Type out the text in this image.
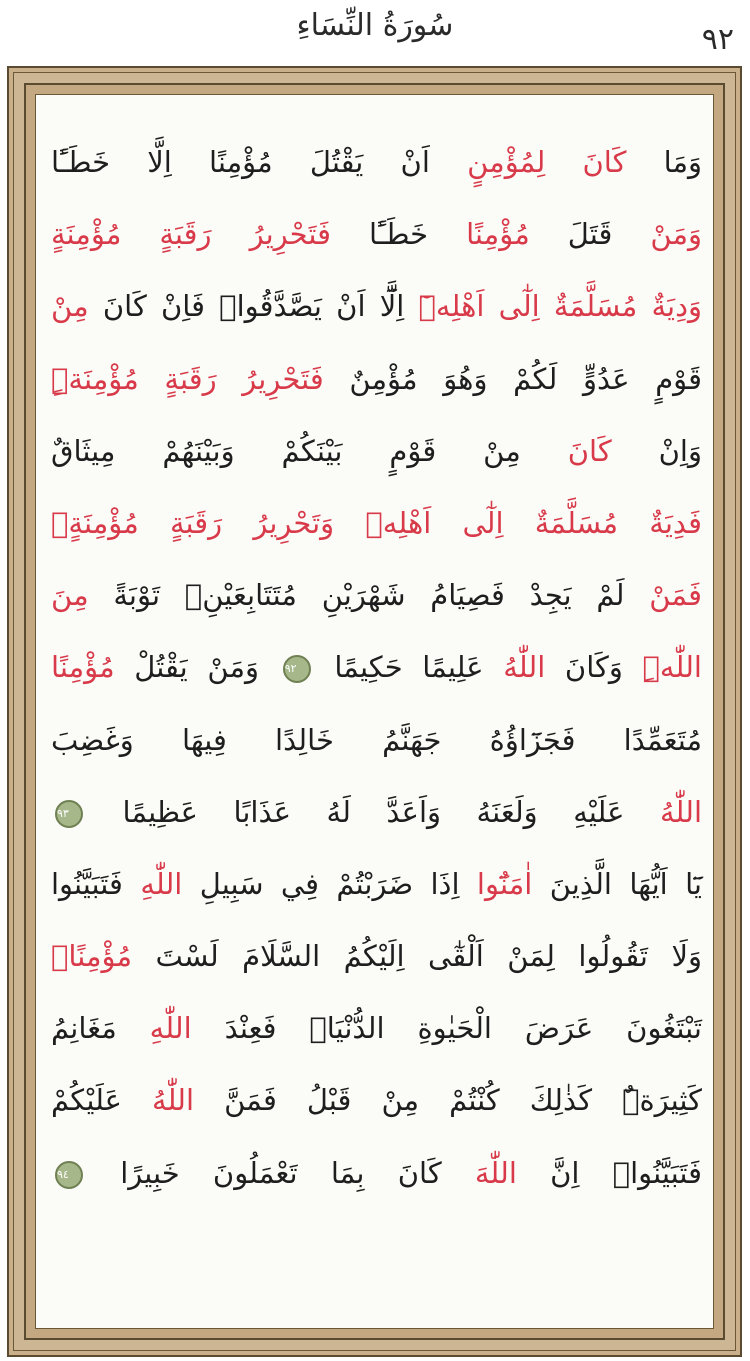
سُورَةُ النِّسَاءِ	٩٢
وَمَا كَانَ لِمُؤْمِنٍ اَنْ يَقْتُلَ مُؤْمِنًا اِلَّا خَطَـًٔا
وَمَنْ قَتَلَ مُؤْمِنًا خَطَـًٔا فَتَحْرِيرُ رَقَبَةٍ مُؤْمِنَةٍ
وَدِيَةٌ مُسَلَّمَةٌ اِلٰٓى اَهْلِهٖٓ اِلَّٓا اَنْ يَصَّدَّقُواۜ فَاِنْ كَانَ مِنْ
قَوْمٍ عَدُوٍّ لَكُمْ وَهُوَ مُؤْمِنٌ فَتَحْرِيرُ رَقَبَةٍ مُؤْمِنَةٍۜ
وَاِنْ كَانَ مِنْ قَوْمٍ بَيْنَكُمْ وَبَيْنَهُمْ مِيثَاقٌ
فَدِيَةٌ مُسَلَّمَةٌ اِلٰٓى اَهْلِهٖ وَتَحْرِيرُ رَقَبَةٍ مُؤْمِنَةٍۚ
فَمَنْ لَمْ يَجِدْ فَصِيَامُ شَهْرَيْنِ مُتَتَابِعَيْنِۘ تَوْبَةً مِنَ
اللّٰهِۜ وَكَانَ اللّٰهُ عَلِيمًا حَكِيمًا ٩٢ وَمَنْ يَقْتُلْ مُؤْمِنًا
مُتَعَمِّدًا فَجَزَٓاؤُهُ جَهَنَّمُ خَالِدًا فِيهَا وَغَضِبَ
اللّٰهُ عَلَيْهِ وَلَعَنَهُ وَاَعَدَّ لَهُ عَذَابًا عَظِيمًا ٩٣
يَٓا اَيُّهَا الَّذِينَ اٰمَنُٓوا اِذَا ضَرَبْتُمْ فِي سَبِيلِ اللّٰهِ فَتَبَيَّنُوا
وَلَا تَقُولُوا لِمَنْ اَلْقٰٓى اِلَيْكُمُ السَّلَامَ لَسْتَ مُؤْمِنًاۚ
تَبْتَغُونَ عَرَضَ الْحَيٰوةِ الدُّنْيَاۘ فَعِنْدَ اللّٰهِ مَغَانِمُ
كَثِيرَةٌۜ كَذٰلِكَ كُنْتُمْ مِنْ قَبْلُ فَمَنَّ اللّٰهُ عَلَيْكُمْ
فَتَبَيَّنُواۜ اِنَّ اللّٰهَ كَانَ بِمَا تَعْمَلُونَ خَبِيرًا ٩٤
